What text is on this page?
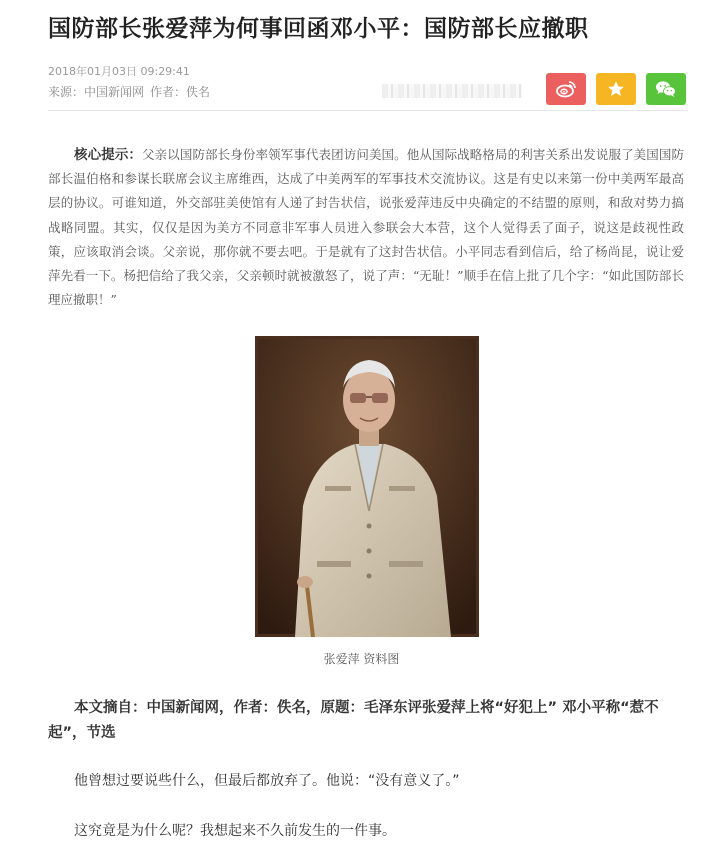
国防部长张爱萍为何事回函邓小平：国防部长应撤职
2018年01月03日 09:29:41
来源：中国新闻网 作者：佚名

核心提示：父亲以国防部长身份率领军事代表团访问美国。他从国际战略格局的利害关系出发说服了美国国防部长温伯格和参谋长联席会议主席维西，达成了中美两军的军事技术交流协议。这是有史以来第一份中美两军最高层的协议。可谁知道，外交部驻美使馆有人递了封告状信，说张爱萍违反中央确定的不结盟的原则，和敌对势力搞战略同盟。其实，仅仅是因为美方不同意非军事人员进入参联会大本营，这个人觉得丢了面子，说这是歧视性政策，应该取消会谈。父亲说，那你就不要去吧。于是就有了这封告状信。小平同志看到信后，给了杨尚昆，说让爱萍先看一下。杨把信给了我父亲，父亲顿时就被激怒了，说了声：“无耻！”顺手在信上批了几个字：“如此国防部长理应撤职！”

张爱萍 资料图

本文摘自：中国新闻网，作者：佚名，原题：毛泽东评张爱萍上将“好犯上” 邓小平称“惹不起”，节选

他曾想过要说些什么，但最后都放弃了。他说：“没有意义了。”

这究竟是为什么呢？我想起来不久前发生的一件事。
